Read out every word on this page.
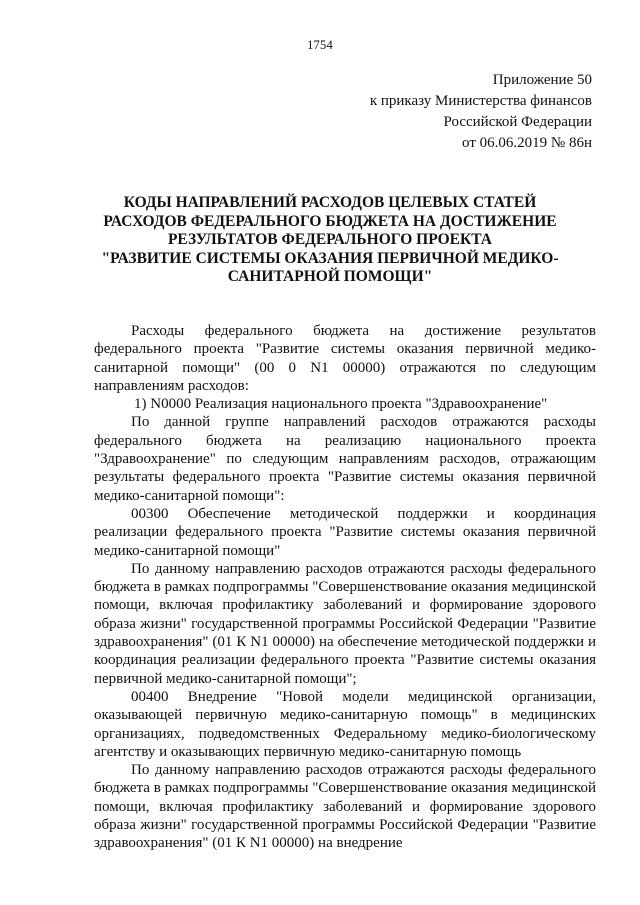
1754
Приложение 50
к приказу Министерства финансов
Российской Федерации
от 06.06.2019 № 86н
КОДЫ НАПРАВЛЕНИЙ РАСХОДОВ ЦЕЛЕВЫХ СТАТЕЙ
РАСХОДОВ ФЕДЕРАЛЬНОГО БЮДЖЕТА НА ДОСТИЖЕНИЕ
РЕЗУЛЬТАТОВ ФЕДЕРАЛЬНОГО ПРОЕКТА
"РАЗВИТИЕ СИСТЕМЫ ОКАЗАНИЯ ПЕРВИЧНОЙ МЕДИКО-
САНИТАРНОЙ ПОМОЩИ"

Расходы федерального бюджета на достижение результатов федерального проекта "Развитие системы оказания первичной медико-санитарной помощи" (00 0 N1 00000) отражаются по следующим направлениям расходов:

1) N0000 Реализация национального проекта "Здравоохранение"

По данной группе направлений расходов отражаются расходы федерального бюджета на реализацию национального проекта "Здравоохранение" по следующим направлениям расходов, отражающим результаты федерального проекта "Развитие системы оказания первичной медико-санитарной помощи":

00300 Обеспечение методической поддержки и координация реализации федерального проекта "Развитие системы оказания первичной медико-санитарной помощи"

По данному направлению расходов отражаются расходы федерального бюджета в рамках подпрограммы "Совершенствование оказания медицинской помощи, включая профилактику заболеваний и формирование здорового образа жизни" государственной программы Российской Федерации "Развитие здравоохранения" (01 К N1 00000) на обеспечение методической поддержки и координация реализации федерального проекта "Развитие системы оказания первичной медико-санитарной помощи";

00400 Внедрение "Новой модели медицинской организации, оказывающей первичную медико-санитарную помощь" в медицинских организациях, подведомственных Федеральному медико-биологическому агентству и оказывающих первичную медико-санитарную помощь

По данному направлению расходов отражаются расходы федерального бюджета в рамках подпрограммы "Совершенствование оказания медицинской помощи, включая профилактику заболеваний и формирование здорового образа жизни" государственной программы Российской Федерации "Развитие здравоохранения" (01 К N1 00000) на внедрение
